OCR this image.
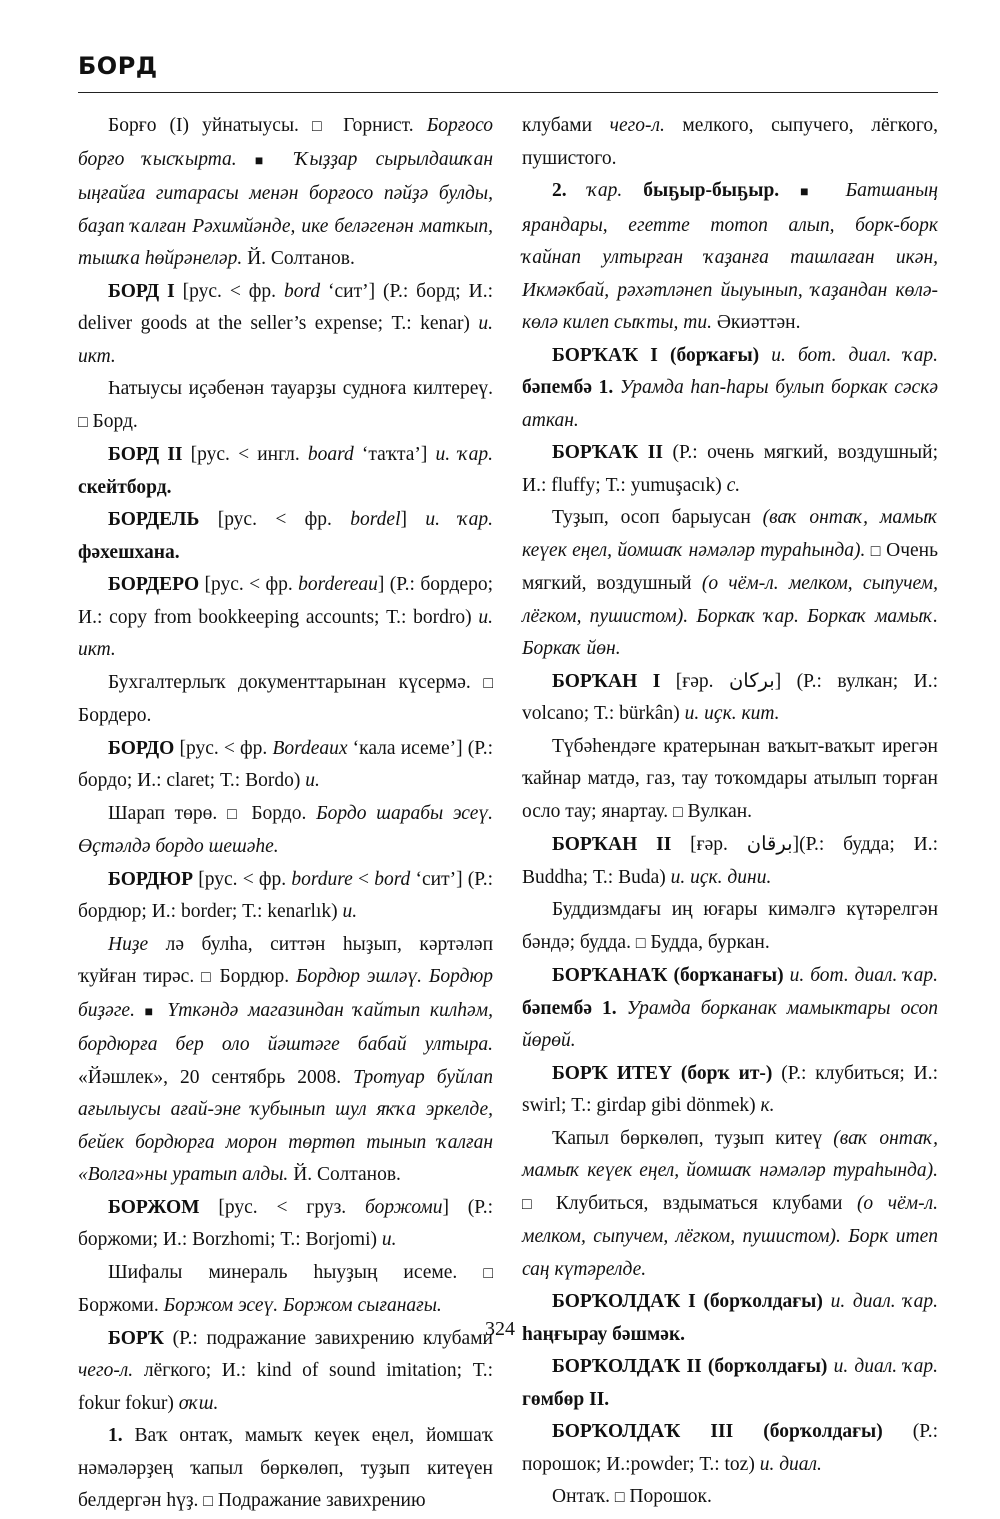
БОРД

Борғо (I) уйнатыусы. □ Горнист. Борғосо борғо ҡысҡырта. ■ Ҡыҙҙар сырылдашҡан ыңғайға гитарасы менән борғосо пәйҙә булды, баҙап ҡалған Рәхимйәнде, ике беләгенән маткып, тышҡа һөйрәнеләр. Й. Солтанов.

БОРД I [рус. < фр. bord ‘сит’] (Р.: борд; И.: deliver goods at the seller’s expense; Т.: kenar) и. икт.

Һатыусы иҫәбенән тауарҙы судноға килтереү. □ Борд.

БОРД II [рус. < ингл. board ‘таҡта’] и. ҡар. скейтборд.

БОРДЕЛЬ [рус. < фр. bordel] и. ҡар. фәхешхана.

БОРДЕРО [рус. < фр. bordereau] (Р.: бордеро; И.: copy from bookkeeping accounts; Т.: bordro) и. икт.

Бухгалтерлыҡ документтарынан күсермә. □ Бордеро.

БОРДО [рус. < фр. Bordeaux ‘кала исеме’] (Р.: бордо; И.: claret; Т.: Bordo) и.

Шарап төрө. □ Бордо. Бордо шарабы эсеү. Өҫтәлдә бордо шешәһе.

БОРДЮР [рус. < фр. bordure < bord ‘сит’] (Р.: бордюр; И.: border; Т.: kenarlık) и.

Ниҙе лә булһа, ситтән һыҙып, кәртәләп ҡуйған тирәс. □ Бордюр. Бордюр эшләү. Бордюр биҙәге. ■ Үткәндә магазиндан ҡайтып килһәм, бордюрға бер оло йәштәге бабай ултыра. «Йәшлек», 20 сентябрь 2008. Тротуар буйлап ағылыусы ағай-эне ҡубынып шул яҡҡа эркелде, бейек бордюрға морон төртөп тынып ҡалған «Волга»ны уратып алды. Й. Солтанов.

БОРЖОМ [рус. < груз. боржоми] (Р.: боржоми; И.: Borzhomi; Т.: Borjomi) и.

Шифалы минераль һыуҙың исеме. □ Боржоми. Боржом эсеү. Боржом сығанағы.

БОРҠ (Р.: подражание завихрению клубами чего-л. лёгкого; И.: kind of sound imitation; Т.: fokur fokur) оҡш.

1. Ваҡ онтаҡ, мамыҡ кеүек еңел, йомшаҡ нәмәләрҙең ҡапыл бөркөлөп, туҙып китеүен белдергән һүҙ. □ Подражание завихрению

клубами чего-л. мелкого, сыпучего, лёгкого, пушистого.

2. ҡар. быҕыр-быҕыр. ■ Батшаның ярандары, егетте тотоп алып, борк-борк ҡайнап ултырған ҡаҙанға ташлаған икән, Икмәкбай, рәхәтләнеп йыуынып, ҡаҙандан көлә-көлә килеп сыҡты, ти. Әкиәттән.

БОРҠАҠ I (борҡағы) и. бот. диал. ҡар. бәпембә 1. Урамда һап-һары булып боркак сәскә аткан.

БОРҠАҠ II (Р.: очень мягкий, воздушный; И.: fluffy; Т.: yumuşacık) с.

Туҙып, осоп барыусан (ваҡ онтаҡ, мамыҡ кеүек еңел, йомшаҡ нәмәләр тураһында). □ Очень мягкий, воздушный (о чём-л. мелком, сыпучем, лёгком, пушистом). Боркаҡ ҡар. Боркаҡ мамыҡ. Боркаҡ йөн.

БОРҠАН I [ғәр. بركان] (Р.: вулкан; И.: volcano; Т.: bürkân) и. иҫк. кит.

Түбәһендәге кратерынан ваҡыт-ваҡыт ирегән ҡайнар матдә, газ, тау тоҡомдары атылып торған осло тау; янартау. □ Вулкан.

БОРҠАН II [ғәр. برقان](Р.: будда; И.: Buddha; Т.: Buda) и. иҫк. дини.

Буддизмдағы иң юғары кимәлгә күтәрелгән бәндә; будда. □ Будда, буркан.

БОРҠАНАҠ (борҡанағы) и. бот. диал. ҡар. бәпембә 1. Урамда борканак мамыктары осоп йөрөй.

БОРҠ ИТЕҮ (борҡ ит-) (Р.: клубиться; И.: swirl; Т.: girdap gibi dönmek) к.

Ҡапыл бөркөлөп, туҙып китеү (ваҡ онтаҡ, мамыҡ кеүек еңел, йомшаҡ нәмәләр тураһында). □ Клубиться, вздыматься клубами (о чём-л. мелком, сыпучем, лёгком, пушистом). Борк итеп саң күтәрелде.

БОРҠОЛДАҠ I (борҡолдағы) и. диал. ҡар. һаңғырау бәшмәк.

БОРҠОЛДАҠ II (борҡолдағы) и. диал. ҡар. гөмбөр II.

БОРҠОЛДАҠ III (борҡолдағы) (Р.: порошок; И.:powder; Т.: toz) и. диал.

Онтаҡ. □ Порошок.

324
